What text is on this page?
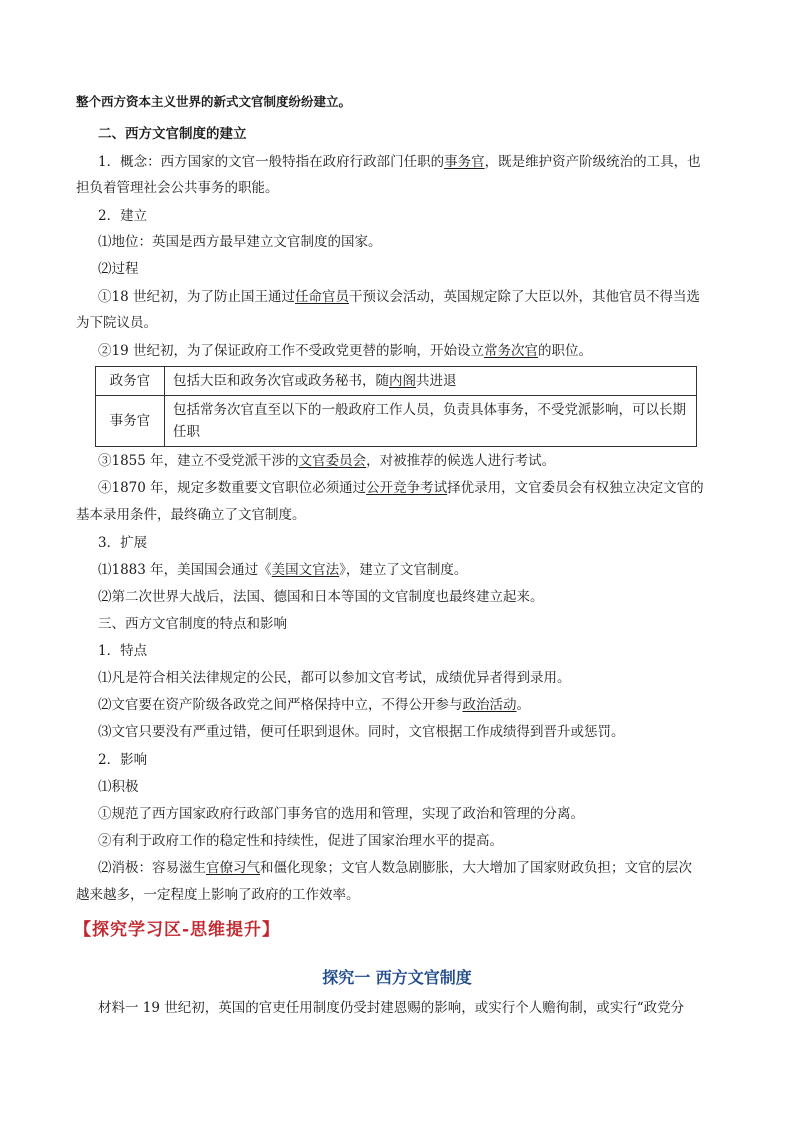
整个西方资本主义世界的新式文官制度纷纷建立。
二、西方文官制度的建立
1．概念：西方国家的文官一般特指在政府行政部门任职的事务官，既是维护资产阶级统治的工具，也
担负着管理社会公共事务的职能。
2．建立
⑴地位：英国是西方最早建立文官制度的国家。
⑵过程
①18 世纪初，为了防止国王通过任命官员干预议会活动，英国规定除了大臣以外，其他官员不得当选
为下院议员。
②19 世纪初，为了保证政府工作不受政党更替的影响，开始设立常务次官的职位。
政务官	包括大臣和政务次官或政务秘书，随内阁共进退
事务官	包括常务次官直至以下的一般政府工作人员，负责具体事务，不受党派影响，可以长期任职
③1855 年，建立不受党派干涉的文官委员会，对被推荐的候选人进行考试。
④1870 年，规定多数重要文官职位必须通过公开竞争考试择优录用，文官委员会有权独立决定文官的
基本录用条件，最终确立了文官制度。
3．扩展
⑴1883 年，美国国会通过《美国文官法》，建立了文官制度。
⑵第二次世界大战后，法国、德国和日本等国的文官制度也最终建立起来。
三、西方文官制度的特点和影响
1．特点
⑴凡是符合相关法律规定的公民，都可以参加文官考试，成绩优异者得到录用。
⑵文官要在资产阶级各政党之间严格保持中立，不得公开参与政治活动。
⑶文官只要没有严重过错，便可任职到退休。同时，文官根据工作成绩得到晋升或惩罚。
2．影响
⑴积极
①规范了西方国家政府行政部门事务官的选用和管理，实现了政治和管理的分离。
②有利于政府工作的稳定性和持续性，促进了国家治理水平的提高。
⑵消极：容易滋生官僚习气和僵化现象；文官人数急剧膨胀，大大增加了国家财政负担；文官的层次
越来越多，一定程度上影响了政府的工作效率。
【探究学习区-思维提升】
探究一 西方文官制度
材料一 19 世纪初，英国的官吏任用制度仍受封建恩赐的影响，或实行个人赡徇制，或实行“政党分
